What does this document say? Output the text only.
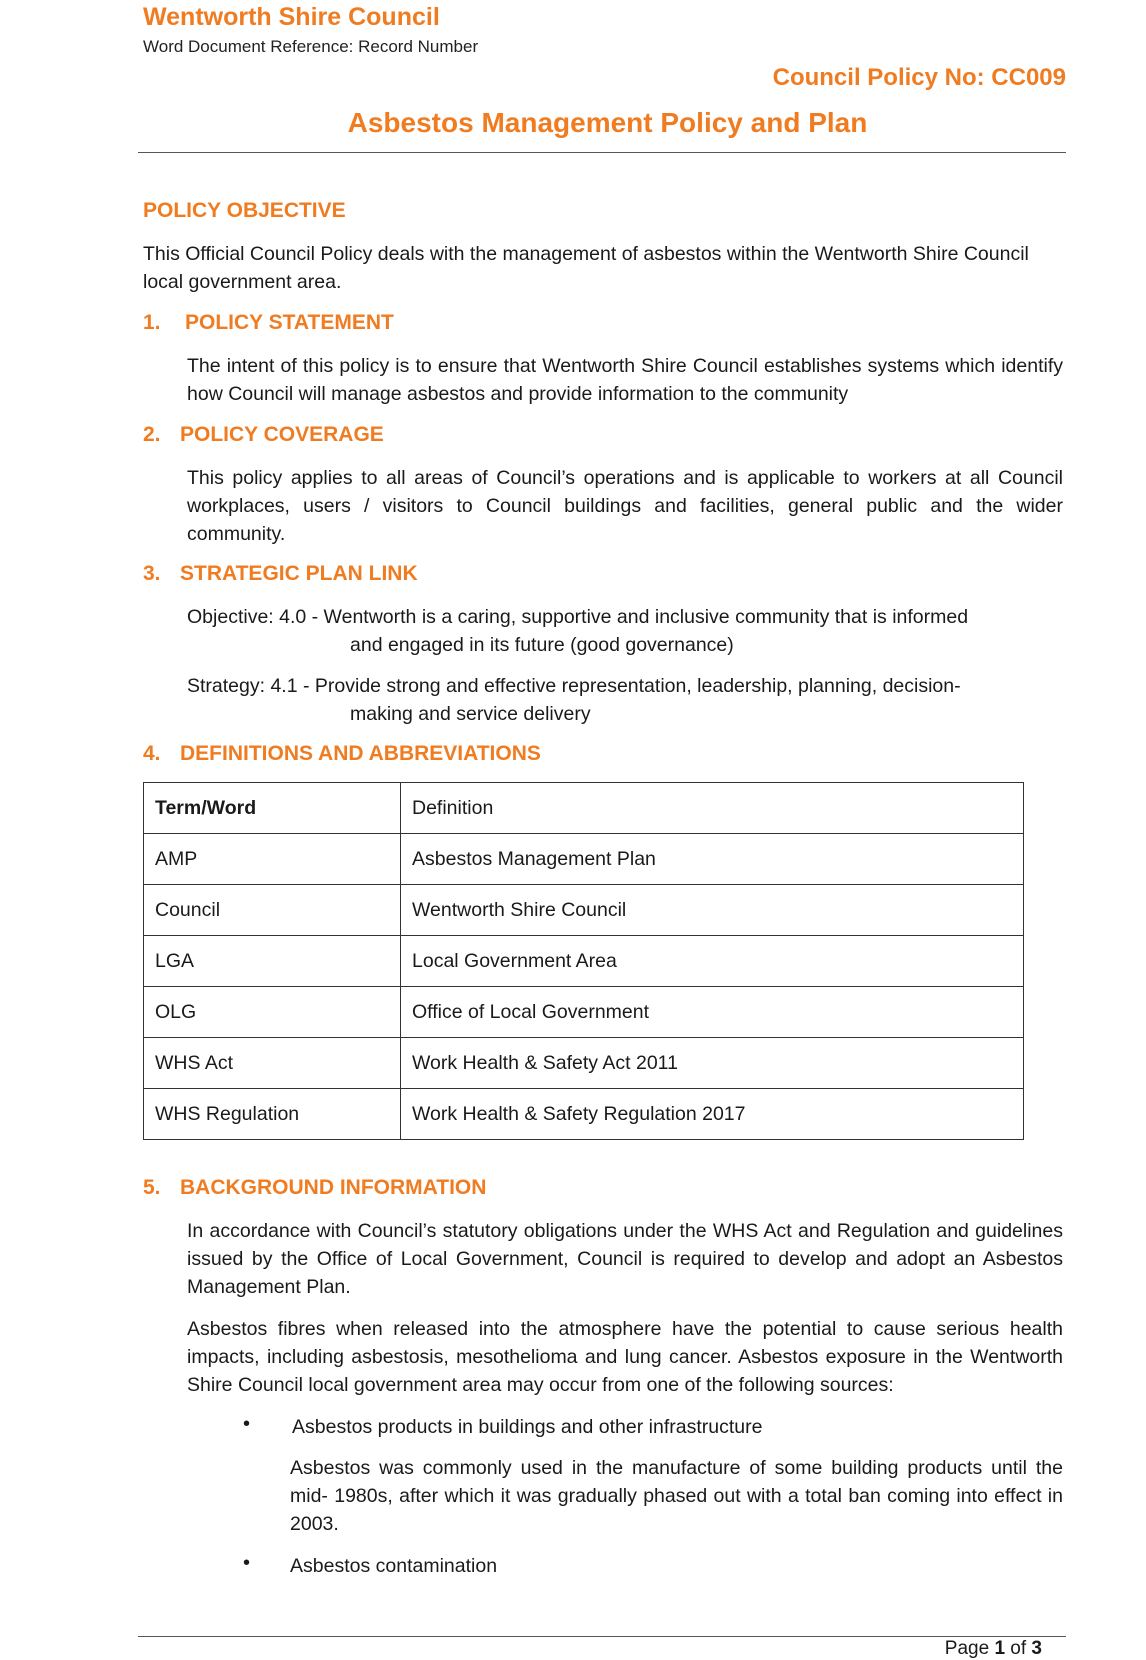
Wentworth Shire Council
Word Document Reference: Record Number
Council Policy No: CC009
Asbestos Management Policy and Plan
POLICY OBJECTIVE
This Official Council Policy deals with the management of asbestos within the Wentworth Shire Council local government area.
1. POLICY STATEMENT
The intent of this policy is to ensure that Wentworth Shire Council establishes systems which identify how Council will manage asbestos and provide information to the community
2. POLICY COVERAGE
This policy applies to all areas of Council’s operations and is applicable to workers at all Council workplaces, users / visitors to Council buildings and facilities, general public and the wider community.
3. STRATEGIC PLAN LINK
Objective: 4.0 - Wentworth is a caring, supportive and inclusive community that is informed
and engaged in its future (good governance)
Strategy: 4.1 - Provide strong and effective representation, leadership, planning, decision-
making and service delivery
4. DEFINITIONS AND ABBREVIATIONS
Term/Word	Definition
AMP	Asbestos Management Plan
Council	Wentworth Shire Council
LGA	Local Government Area
OLG	Office of Local Government
WHS Act	Work Health & Safety Act 2011
WHS Regulation	Work Health & Safety Regulation 2017
5. BACKGROUND INFORMATION
In accordance with Council’s statutory obligations under the WHS Act and Regulation and guidelines issued by the Office of Local Government, Council is required to develop and adopt an Asbestos Management Plan.
Asbestos fibres when released into the atmosphere have the potential to cause serious health impacts, including asbestosis, mesothelioma and lung cancer. Asbestos exposure in the Wentworth Shire Council local government area may occur from one of the following sources:
• Asbestos products in buildings and other infrastructure
Asbestos was commonly used in the manufacture of some building products until the mid- 1980s, after which it was gradually phased out with a total ban coming into effect in 2003.
• Asbestos contamination
Page 1 of 3
